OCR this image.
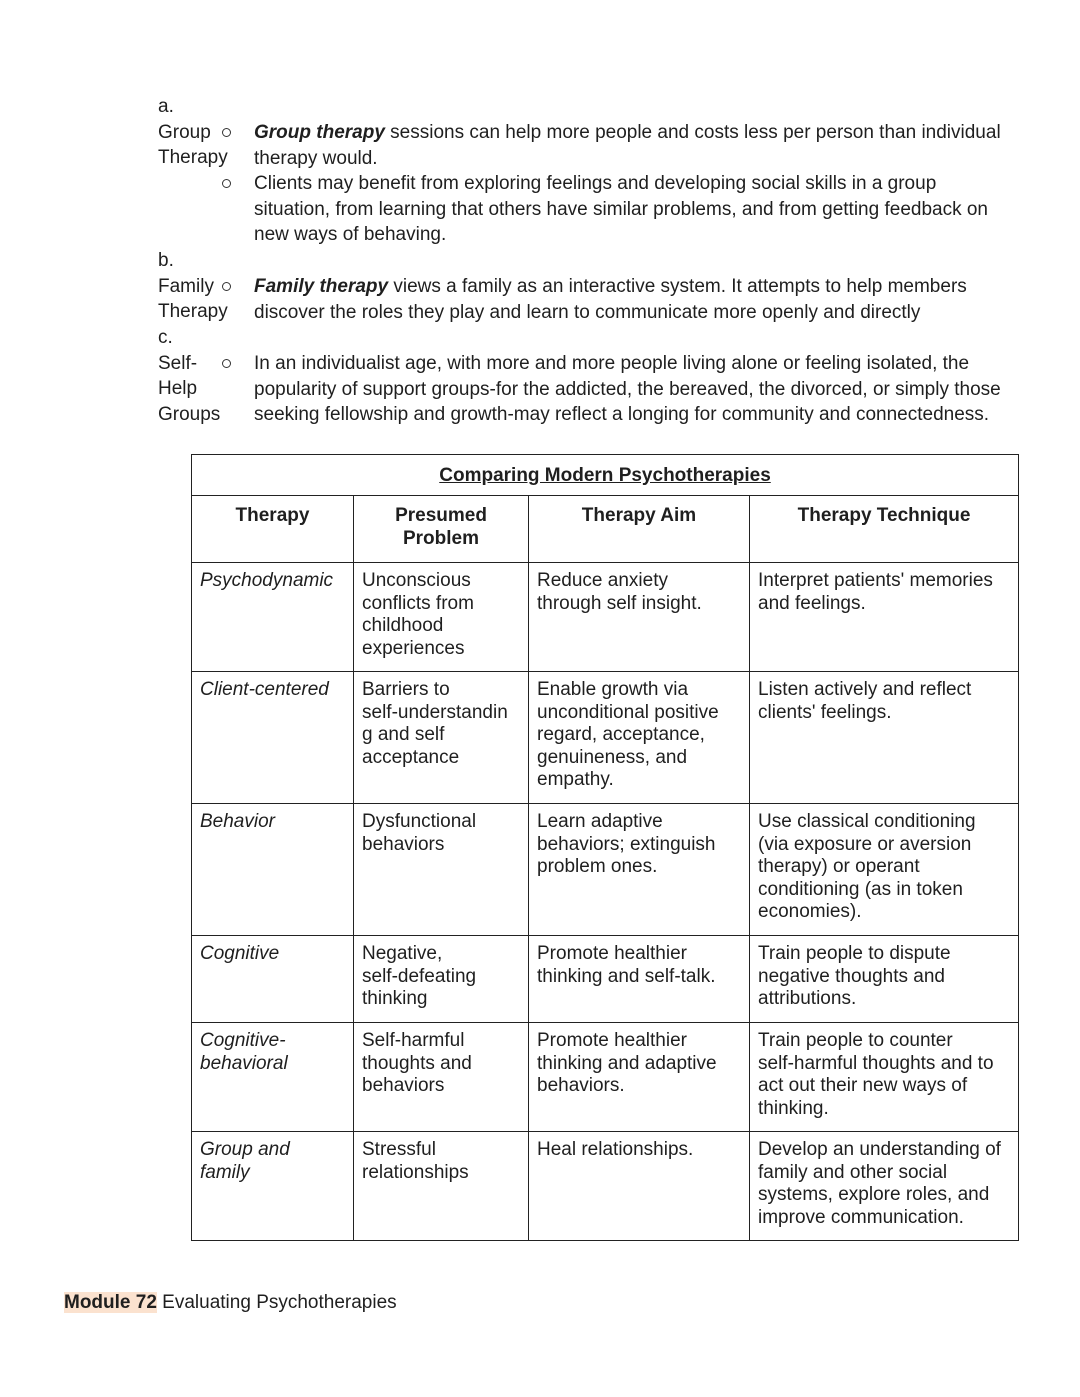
a.Group Therapy
Group therapy sessions can help more people and costs less per person than individual
therapy would.
Clients may benefit from exploring feelings and developing social skills in a group
situation, from learning that others have similar problems, and from getting feedback on
new ways of behaving.
b.Family Therapy
Family therapy views a family as an interactive system. It attempts to help members
discover the roles they play and learn to communicate more openly and directly
c.Self-Help Groups
In an individualist age, with more and more people living alone or feeling isolated, the
popularity of support groups-for the addicted, the bereaved, the divorced, or simply those
seeking fellowship and growth-may reflect a longing for community and connectedness.
Comparing Modern Psychotherapies			
Therapy	Presumed
Problem	Therapy Aim	Therapy Technique
Psychodynamic	Unconscious
conflicts from
childhood
experiences	Reduce anxiety
through self insight.	Interpret patients' memories
and feelings.
Client-centered	Barriers to
self-understandin
g and self
acceptance	Enable growth via
unconditional positive
regard, acceptance,
genuineness, and
empathy.	Listen actively and reflect
clients' feelings.
Behavior	Dysfunctional
behaviors	Learn adaptive
behaviors; extinguish
problem ones.	Use classical conditioning
(via exposure or aversion
therapy) or operant
conditioning (as in token
economies).
Cognitive	Negative,
self-defeating
thinking	Promote healthier
thinking and self-talk.	Train people to dispute
negative thoughts and
attributions.
Cognitive-
behavioral	Self-harmful
thoughts and
behaviors	Promote healthier
thinking and adaptive
behaviors.	Train people to counter
self-harmful thoughts and to
act out their new ways of
thinking.
Group and
family	Stressful
relationships	Heal relationships.	Develop an understanding of
family and other social
systems, explore roles, and
improve communication.
Module 72 Evaluating Psychotherapies
